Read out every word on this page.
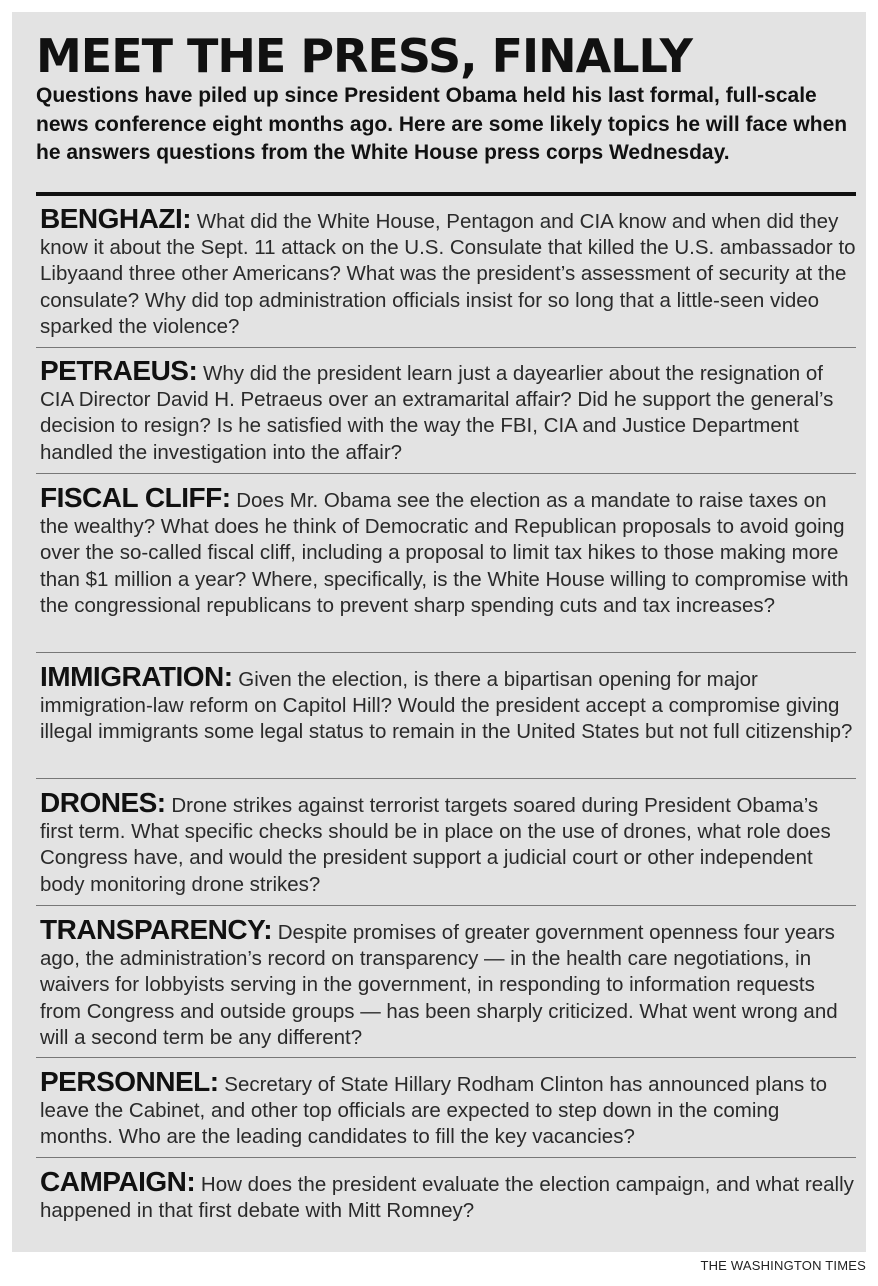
MEET THE PRESS, FINALLY
Questions have piled up since President Obama held his last formal, full-scale news conference eight months ago. Here are some likely topics he will face when he answers questions from the White House press corps Wednesday.
BENGHAZI: What did the White House, Pentagon and CIA know and when did they know it about the Sept. 11 attack on the U.S. Consulate that killed the U.S. ambassador to Libyaand three other Americans? What was the president’s assessment of security at the consulate? Why did top administration officials insist for so long that a little-seen video sparked the violence?
PETRAEUS: Why did the president learn just a dayearlier about the resignation of CIA Director David H. Petraeus over an extramarital affair? Did he support the general’s decision to resign? Is he satisfied with the way the FBI, CIA and Justice Department handled the investigation into the affair?
FISCAL CLIFF: Does Mr. Obama see the election as a mandate to raise taxes on the wealthy? What does he think of Democratic and Republican proposals to avoid going over the so-called fiscal cliff, including a proposal to limit tax hikes to those making more than $1 million a year? Where, specifically, is the White House willing to compromise with the congressional republicans to prevent sharp spending cuts and tax increases?
IMMIGRATION: Given the election, is there a bipartisan opening for major immigration-law reform on Capitol Hill? Would the president accept a compromise giving illegal immigrants some legal status to remain in the United States but not full citizenship?
DRONES: Drone strikes against terrorist targets soared during President Obama’s first term. What specific checks should be in place on the use of drones, what role does Congress have, and would the president support a judicial court or other independent body monitoring drone strikes?
TRANSPARENCY: Despite promises of greater government openness four years ago, the administration’s record on transparency — in the health care negotiations, in waivers for lobbyists serving in the government, in responding to information requests from Congress and outside groups — has been sharply criticized. What went wrong and will a second term be any different?
PERSONNEL: Secretary of State Hillary Rodham Clinton has announced plans to leave the Cabinet, and other top officials are expected to step down in the coming months. Who are the leading candidates to fill the key vacancies?
CAMPAIGN: How does the president evaluate the election campaign, and what really happened in that first debate with Mitt Romney?
THE WASHINGTON TIMES
